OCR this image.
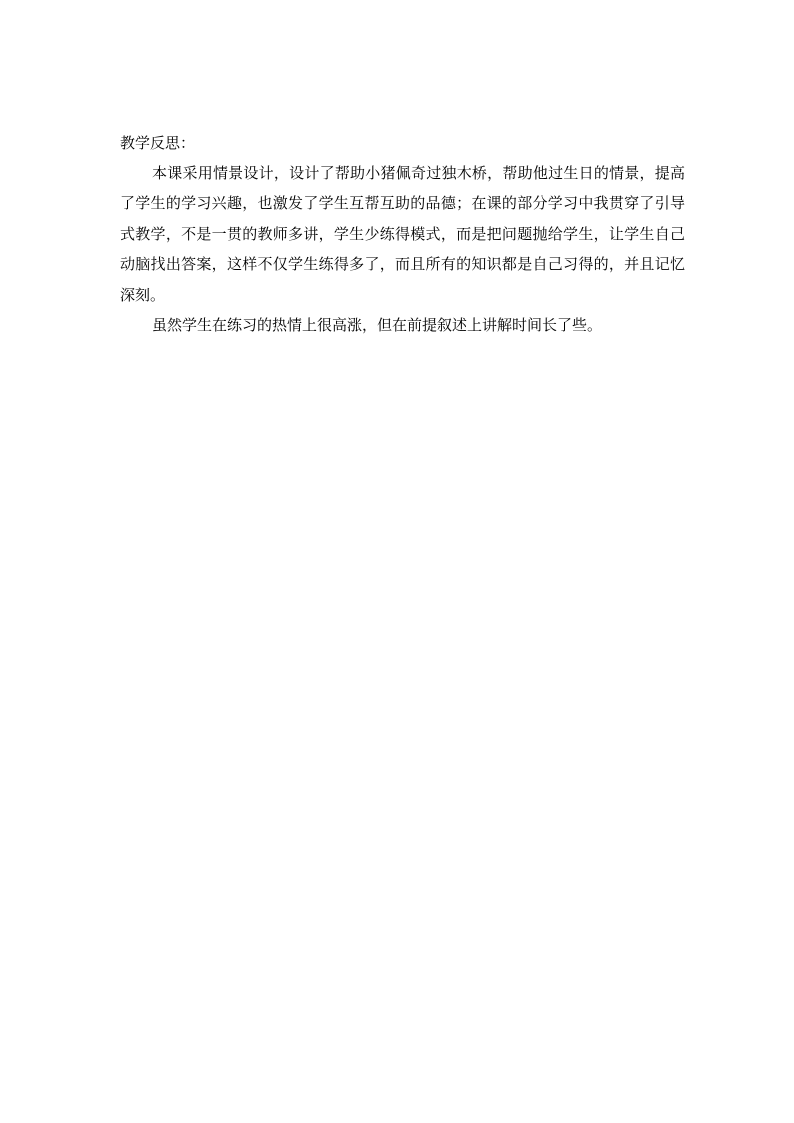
教学反思：

本课采用情景设计，设计了帮助小猪佩奇过独木桥，帮助他过生日的情景，提高了学生的学习兴趣，也激发了学生互帮互助的品德；在课的部分学习中我贯穿了引导式教学，不是一贯的教师多讲，学生少练得模式，而是把问题抛给学生，让学生自己动脑找出答案，这样不仅学生练得多了，而且所有的知识都是自己习得的，并且记忆深刻。

虽然学生在练习的热情上很高涨，但在前提叙述上讲解时间长了些。
